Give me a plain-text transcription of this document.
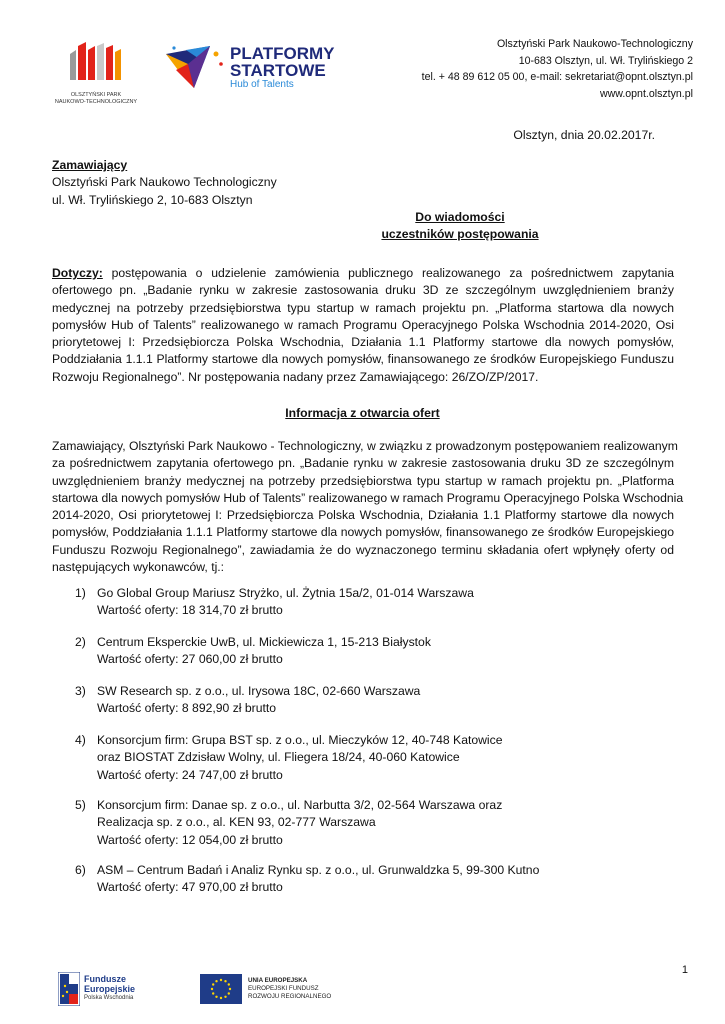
OLSZTYŃSKI PARK
NAUKOWO-TECHNOLOGICZNY
PLATFORMY
STARTOWE
Hub of Talents
Olsztyński Park Naukowo-Technologiczny
10-683 Olsztyn, ul. Wł. Trylińskiego 2
tel. + 48 89 612 05 00, e-mail: sekretariat@opnt.olsztyn.pl
www.opnt.olsztyn.pl
Olsztyn, dnia 20.02.2017r.
Zamawiający
Olsztyński Park Naukowo Technologiczny
ul. Wł. Trylińskiego 2, 10-683 Olsztyn
Do wiadomości
uczestników postępowania
Dotyczy: postępowania o udzielenie zamówienia publicznego realizowanego za pośrednictwem zapytania
ofertowego pn. „Badanie rynku w zakresie zastosowania druku 3D ze szczególnym uwzględnieniem branży
medycznej na potrzeby przedsiębiorstwa typu startup w ramach projektu pn. „Platforma startowa dla nowych
pomysłów Hub of Talents” realizowanego w ramach Programu Operacyjnego Polska Wschodnia 2014-2020, Osi
priorytetowej I: Przedsiębiorcza Polska Wschodnia, Działania 1.1 Platformy startowe dla nowych pomysłów,
Poddziałania 1.1.1 Platformy startowe dla nowych pomysłów, finansowanego ze środków Europejskiego Funduszu
Rozwoju Regionalnego”. Nr postępowania nadany przez Zamawiającego: 26/ZO/ZP/2017.
Informacja z otwarcia ofert
Zamawiający, Olsztyński Park Naukowo - Technologiczny, w związku z prowadzonym postępowaniem realizowanym
za pośrednictwem zapytania ofertowego pn. „Badanie rynku w zakresie zastosowania druku 3D ze szczególnym
uwzględnieniem branży medycznej na potrzeby przedsiębiorstwa typu startup w ramach projektu pn. „Platforma
startowa dla nowych pomysłów Hub of Talents” realizowanego w ramach Programu Operacyjnego Polska Wschodnia
2014-2020, Osi priorytetowej I: Przedsiębiorcza Polska Wschodnia, Działania 1.1 Platformy startowe dla nowych
pomysłów, Poddziałania 1.1.1 Platformy startowe dla nowych pomysłów, finansowanego ze środków Europejskiego
Funduszu Rozwoju Regionalnego”, zawiadamia że do wyznaczonego terminu składania ofert wpłynęły oferty od
następujących wykonawców, tj.:
1) Go Global Group Mariusz Stryżko, ul. Żytnia 15a/2, 01-014 Warszawa
Wartość oferty: 18 314,70 zł brutto
2) Centrum Eksperckie UwB, ul. Mickiewicza 1, 15-213 Białystok
Wartość oferty: 27 060,00 zł brutto
3) SW Research sp. z o.o., ul. Irysowa 18C, 02-660 Warszawa
Wartość oferty: 8 892,90 zł brutto
4) Konsorcjum firm: Grupa BST sp. z o.o., ul. Mieczyków 12, 40-748 Katowice
oraz BIOSTAT Zdzisław Wolny, ul. Fliegera 18/24, 40-060 Katowice
Wartość oferty: 24 747,00 zł brutto
5) Konsorcjum firm: Danae sp. z o.o., ul. Narbutta 3/2, 02-564 Warszawa oraz
Realizacja sp. z o.o., al. KEN 93, 02-777 Warszawa
Wartość oferty: 12 054,00 zł brutto
6) ASM – Centrum Badań i Analiz Rynku sp. z o.o., ul. Grunwaldzka 5, 99-300 Kutno
Wartość oferty: 47 970,00 zł brutto
1
Fundusze
Europejskie
Polska Wschodnia
UNIA EUROPEJSKA
EUROPEJSKI FUNDUSZ
ROZWOJU REGIONALNEGO
